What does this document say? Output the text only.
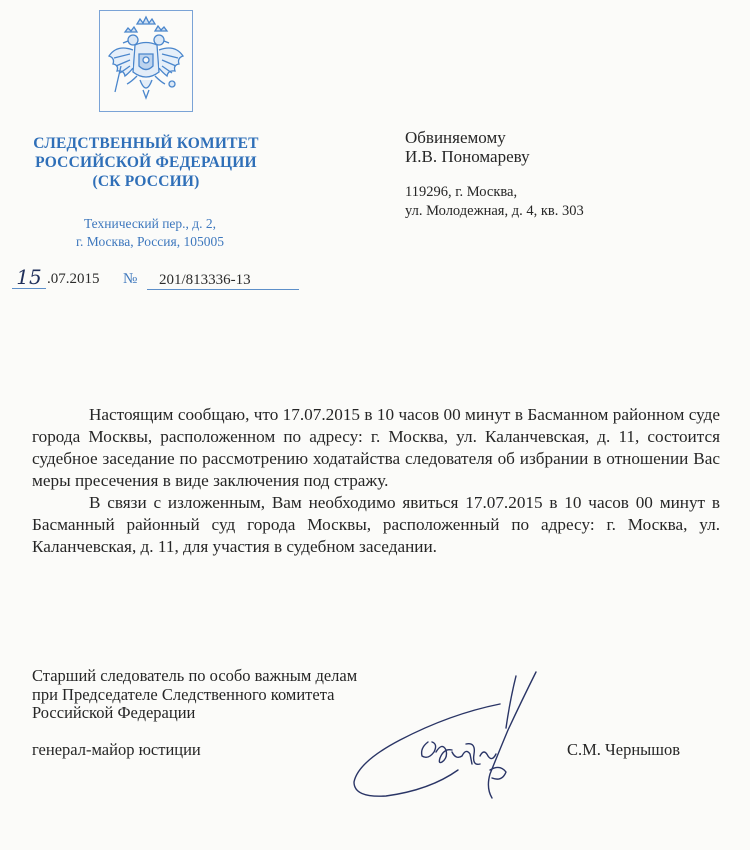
СЛЕДСТВЕННЫЙ КОМИТЕТ
РОССИЙСКОЙ ФЕДЕРАЦИИ
(СК РОССИИ)
Технический пер., д. 2,
г. Москва, Россия, 105005
15 .07.2015 №	201/813336-13
Обвиняемому
И.В. Пономареву
119296, г. Москва,
ул. Молодежная, д. 4, кв. 303

Настоящим сообщаю, что 17.07.2015 в 10 часов 00 минут в Басманном районном суде города Москвы, расположенном по адресу: г. Москва, ул. Каланчевская, д. 11, состоится судебное заседание по рассмотрению ходатайства следователя об избрании в отношении Вас меры пресечения в виде заключения под стражу.

В связи с изложенным, Вам необходимо явиться 17.07.2015 в 10 часов 00 минут в Басманный районный суд города Москвы, расположенный по адресу: г. Москва, ул. Каланчевская, д. 11, для участия в судебном заседании.

Старший следователь по особо важным делам
при Председателе Следственного комитета
Российской Федерации
генерал-майор юстиции	С.М. Чернышов
